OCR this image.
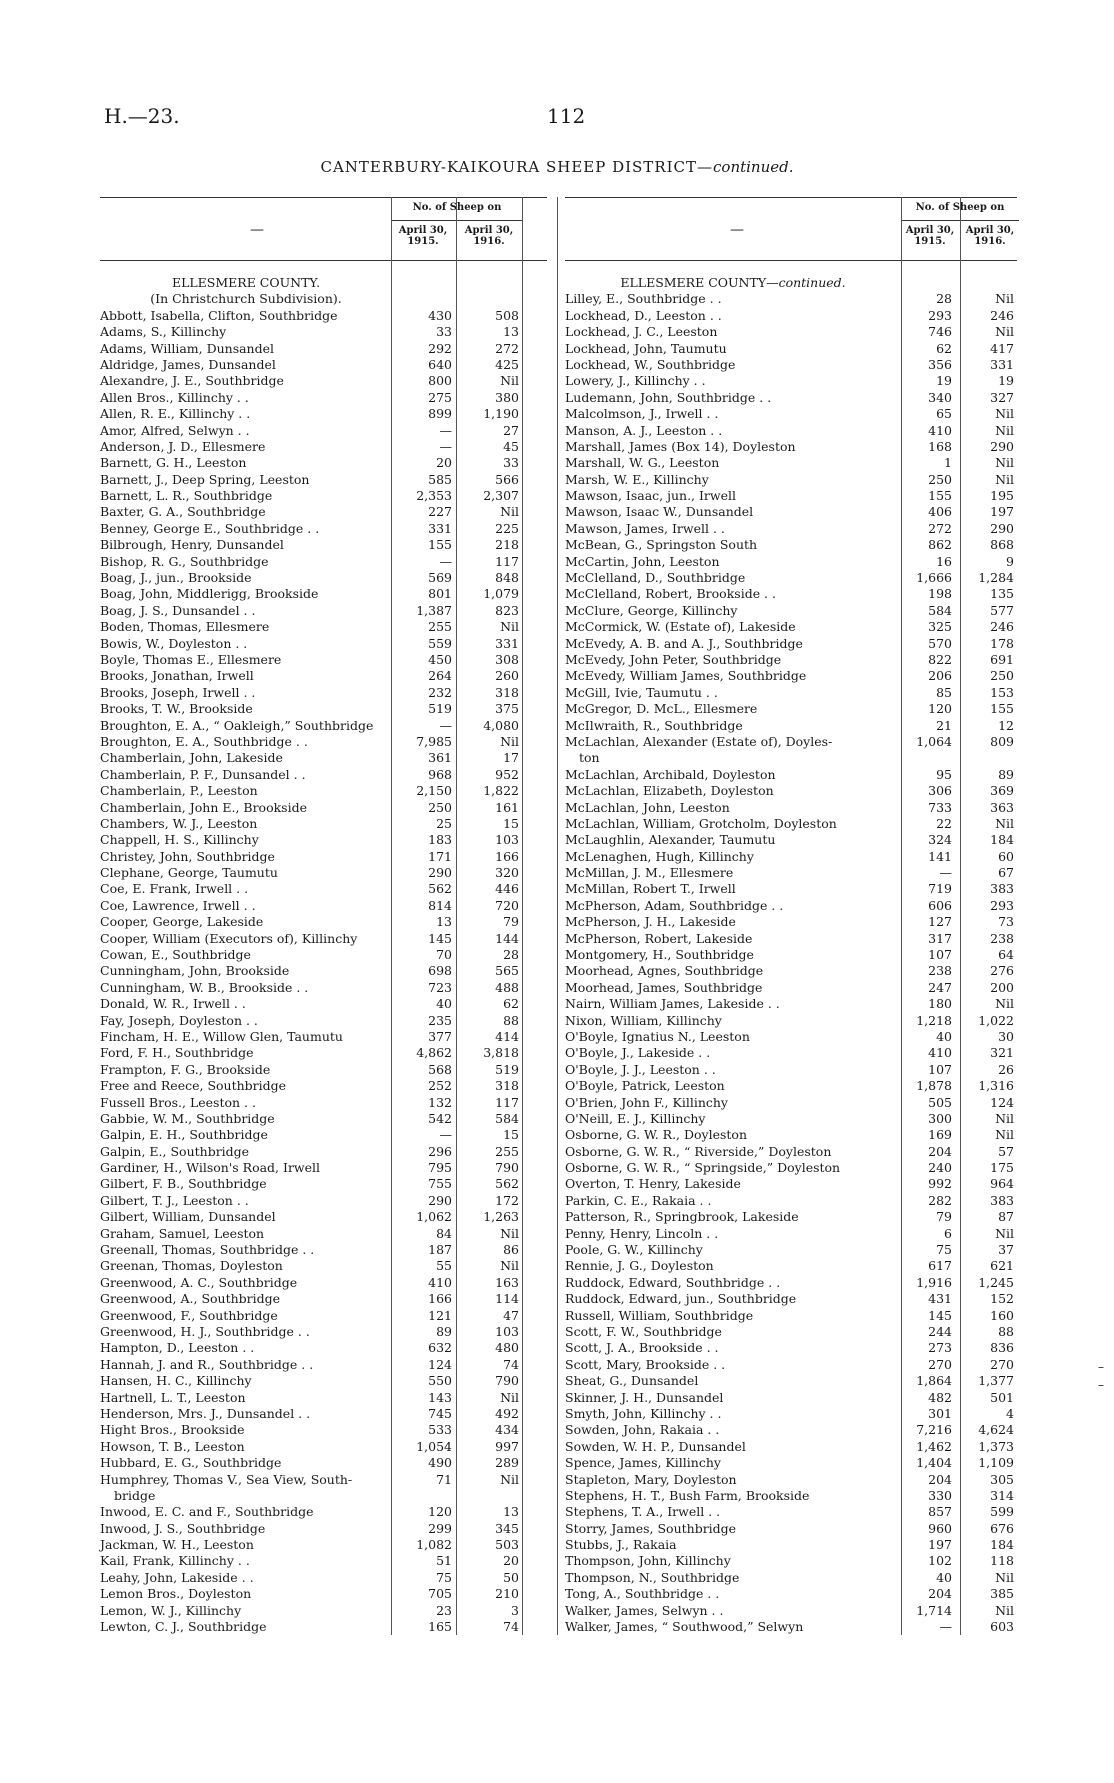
H.—23.	112
CANTERBURY-KAIKOURA SHEEP DISTRICT—continued.
—
No. of Sheep on
April 30, 1915.
April 30, 1916.
ELLESMERE COUNTY.
(In Christchurch Subdivision).
Abbott, Isabella, Clifton, Southbridge	430	508
Adams, S., Killinchy	33	13
Adams, William, Dunsandel	292	272
Aldridge, James, Dunsandel	640	425
Alexandre, J. E., Southbridge	800	Nil
Allen Bros., Killinchy . .	275	380
Allen, R. E., Killinchy . .	899 1,190
Amor, Alfred, Selwyn . .	—	27
Anderson, J. D., Ellesmere	—	45
Barnett, G. H., Leeston	20	33
Barnett, J., Deep Spring, Leeston	585	566
Barnett, L. R., Southbridge	2,353 2,307
Baxter, G. A., Southbridge	227	Nil
Benney, George E., Southbridge . .	331	225
Bilbrough, Henry, Dunsandel	155	218
Bishop, R. G., Southbridge	—	117
Boag, J., jun., Brookside	569	848
Boag, John, Middlerigg, Brookside	801 1,079
Boag, J. S., Dunsandel . .	1,387	823
Boden, Thomas, Ellesmere	255	Nil
Bowis, W., Doyleston . .	559	331
Boyle, Thomas E., Ellesmere	450	308
Brooks, Jonathan, Irwell	264	260
Brooks, Joseph, Irwell . .	232	318
Brooks, T. W., Brookside	519	375
Broughton, E. A., “ Oakleigh,” Southbridge	— 4,080
Broughton, E. A., Southbridge . .	7,985	Nil
Chamberlain, John, Lakeside	361	17
Chamberlain, P. F., Dunsandel . .	968	952
Chamberlain, P., Leeston	2,150 1,822
Chamberlain, John E., Brookside	250	161
Chambers, W. J., Leeston	25	15
Chappell, H. S., Killinchy	183	103
Christey, John, Southbridge	171	166
Clephane, George, Taumutu	290	320
Coe, E. Frank, Irwell . .	562	446
Coe, Lawrence, Irwell . .	814	720
Cooper, George, Lakeside	13	79
Cooper, William (Executors of), Killinchy	145	144
Cowan, E., Southbridge	70	28
Cunningham, John, Brookside	698	565
Cunningham, W. B., Brookside . .	723	488
Donald, W. R., Irwell . .	40	62
Fay, Joseph, Doyleston . .	235	88
Fincham, H. E., Willow Glen, Taumutu	377	414
Ford, F. H., Southbridge	4,862 3,818
Frampton, F. G., Brookside	568	519
Free and Reece, Southbridge	252	318
Fussell Bros., Leeston . .	132	117
Gabbie, W. M., Southbridge	542	584
Galpin, E. H., Southbridge	—	15
Galpin, E., Southbridge	296	255
Gardiner, H., Wilson's Road, Irwell	795	790
Gilbert, F. B., Southbridge	755	562
Gilbert, T. J., Leeston . .	290	172
Gilbert, William, Dunsandel	1,062 1,263
Graham, Samuel, Leeston	84	Nil
Greenall, Thomas, Southbridge . .	187	86
Greenan, Thomas, Doyleston	55	Nil
Greenwood, A. C., Southbridge	410	163
Greenwood, A., Southbridge	166	114
Greenwood, F., Southbridge	121	47
Greenwood, H. J., Southbridge . .	89	103
Hampton, D., Leeston . .	632	480
Hannah, J. and R., Southbridge . .	124	74
Hansen, H. C., Killinchy	550	790
Hartnell, L. T., Leeston	143	Nil
Henderson, Mrs. J., Dunsandel . .	745	492
Hight Bros., Brookside	533	434
Howson, T. B., Leeston	1,054	997
Hubbard, E. G., Southbridge	490	289
Humphrey, Thomas V., Sea View, South-	71	Nil
bridge
Inwood, E. C. and F., Southbridge	120	13
Inwood, J. S., Southbridge	299	345
Jackman, W. H., Leeston	1,082	503
Kail, Frank, Killinchy . .	51	20
Leahy, John, Lakeside . .	75	50
Lemon Bros., Doyleston	705	210
Lemon, W. J., Killinchy	23	3
Lewton, C. J., Southbridge	165	74
—
No. of Sheep on
April 30, 1915.
April 30, 1916.
ELLESMERE COUNTY—continued.
Lilley, E., Southbridge . .	28	Nil
Lockhead, D., Leeston . .	293	246
Lockhead, J. C., Leeston	746	Nil
Lockhead, John, Taumutu	62	417
Lockhead, W., Southbridge	356	331
Lowery, J., Killinchy . .	19	19
Ludemann, John, Southbridge . .	340	327
Malcolmson, J., Irwell . .	65	Nil
Manson, A. J., Leeston . .	410	Nil
Marshall, James (Box 14), Doyleston	168	290
Marshall, W. G., Leeston	1	Nil
Marsh, W. E., Killinchy	250	Nil
Mawson, Isaac, jun., Irwell	155	195
Mawson, Isaac W., Dunsandel	406	197
Mawson, James, Irwell . .	272	290
McBean, G., Springston South	862	868
McCartin, John, Leeston	16	9
McClelland, D., Southbridge	1,666 1,284
McClelland, Robert, Brookside . .	198	135
McClure, George, Killinchy	584	577
McCormick, W. (Estate of), Lakeside	325	246
McEvedy, A. B. and A. J., Southbridge	570	178
McEvedy, John Peter, Southbridge	822	691
McEvedy, William James, Southbridge	206	250
McGill, Ivie, Taumutu . .	85	153
McGregor, D. McL., Ellesmere	120	155
McIlwraith, R., Southbridge	21	12
McLachlan, Alexander (Estate of), Doyles-	1,064	809
ton
McLachlan, Archibald, Doyleston	95	89
McLachlan, Elizabeth, Doyleston	306	369
McLachlan, John, Leeston	733	363
McLachlan, William, Grotcholm, Doyleston	22	Nil
McLaughlin, Alexander, Taumutu	324	184
McLenaghen, Hugh, Killinchy	141	60
McMillan, J. M., Ellesmere	—	67
McMillan, Robert T., Irwell	719	383
McPherson, Adam, Southbridge . .	606	293
McPherson, J. H., Lakeside	127	73
McPherson, Robert, Lakeside	317	238
Montgomery, H., Southbridge	107	64
Moorhead, Agnes, Southbridge	238	276
Moorhead, James, Southbridge	247	200
Nairn, William James, Lakeside . .	180	Nil
Nixon, William, Killinchy	1,218 1,022
O'Boyle, Ignatius N., Leeston	40	30
O'Boyle, J., Lakeside . .	410	321
O'Boyle, J. J., Leeston . .	107	26
O'Boyle, Patrick, Leeston	1,878 1,316
O'Brien, John F., Killinchy	505	124
O'Neill, E. J., Killinchy	300	Nil
Osborne, G. W. R., Doyleston	169	Nil
Osborne, G. W. R., “ Riverside,” Doyleston	204	57
Osborne, G. W. R., “ Springside,” Doyleston	240	175
Overton, T. Henry, Lakeside	992	964
Parkin, C. E., Rakaia . .	282	383
Patterson, R., Springbrook, Lakeside	79	87
Penny, Henry, Lincoln . .	6	Nil
Poole, G. W., Killinchy	75	37
Rennie, J. G., Doyleston	617	621
Ruddock, Edward, Southbridge . .	1,916 1,245
Ruddock, Edward, jun., Southbridge	431	152
Russell, William, Southbridge	145	160
Scott, F. W., Southbridge	244	88
Scott, J. A., Brookside . .	273	836
Scott, Mary, Brookside . .	270	270
Sheat, G., Dunsandel	1,864 1,377
Skinner, J. H., Dunsandel	482	501
Smyth, John, Killinchy . .	301	4
Sowden, John, Rakaia . .	7,216 4,624
Sowden, W. H. P., Dunsandel	1,462 1,373
Spence, James, Killinchy	1,404 1,109
Stapleton, Mary, Doyleston	204	305
Stephens, H. T., Bush Farm, Brookside	330	314
Stephens, T. A., Irwell . .	857	599
Storry, James, Southbridge	960	676
Stubbs, J., Rakaia	197	184
Thompson, John, Killinchy	102	118
Thompson, N., Southbridge	40	Nil
Tong, A., Southbridge . .	204	385
Walker, James, Selwyn . .	1,714	Nil
Walker, James, “ Southwood,” Selwyn	—	603
–
–
